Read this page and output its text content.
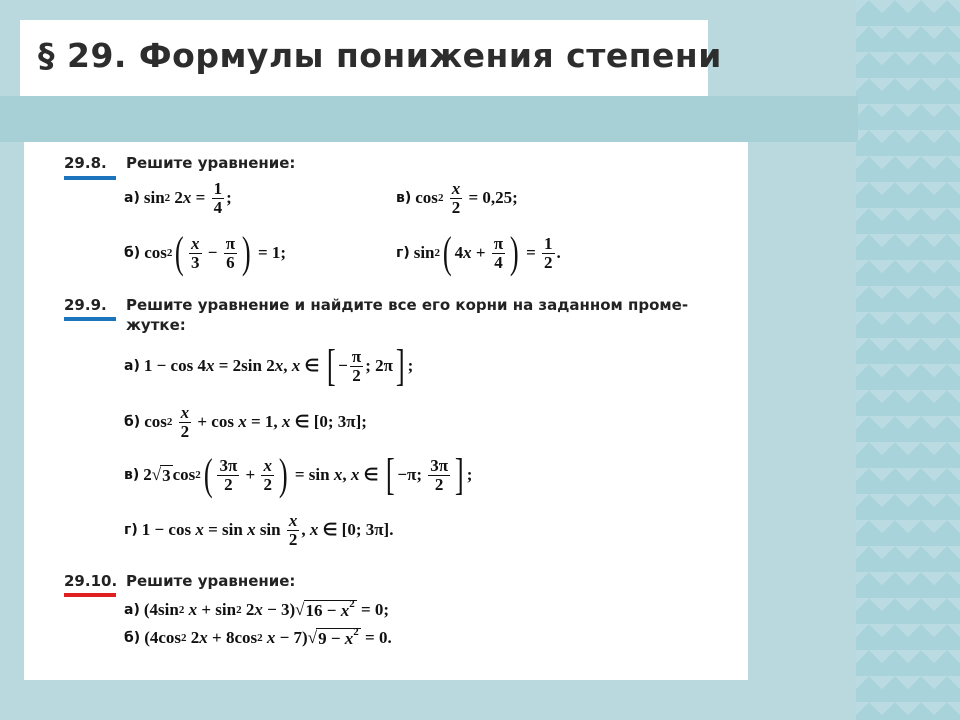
§ 29. Формулы понижения степени
29.8. Решите уравнение:
а) sin 2 2 $x = \frac{1}{4}$ ;	в) cos 2
$\frac{x}{2} = 0,25$;
б) cos 2 ( $\frac{x}{3} - \frac{\pi}{6}$ ) = 1;	г) sin 2 ( 4 $x + \frac{\pi}{4}$ ) = $\frac{1}{2}$ .
29.9. Решите уравнение и найдите все его корни на заданном проме-
жутке:
а) 1 − cos 4 x = 2sin 2 x , x ∈ [ − $\frac{\pi}{2}$ ; 2π ] ;
б) cos 2
$\frac{x}{2} + \cos x = 1$, x ∈ [0; 3π];
в) 2 √ 3 cos 2 ( $\frac{3\pi}{2} + \frac{x}{2}$ ) = sin x , x ∈ [ −π; $\frac{3\pi}{2}$ ] ;
г) 1 − cos x = sin x $\sin \frac{x}{2}$ , x ∈ [0; 3π].
29.10. Решите уравнение:
а) (4sin 2
x + sin 2 2 x − 3) √ $16 - x^2 = 0$;
б) (4cos 2 2 x + 8cos 2
x − 7) √ $9 - x^2 = 0$.
